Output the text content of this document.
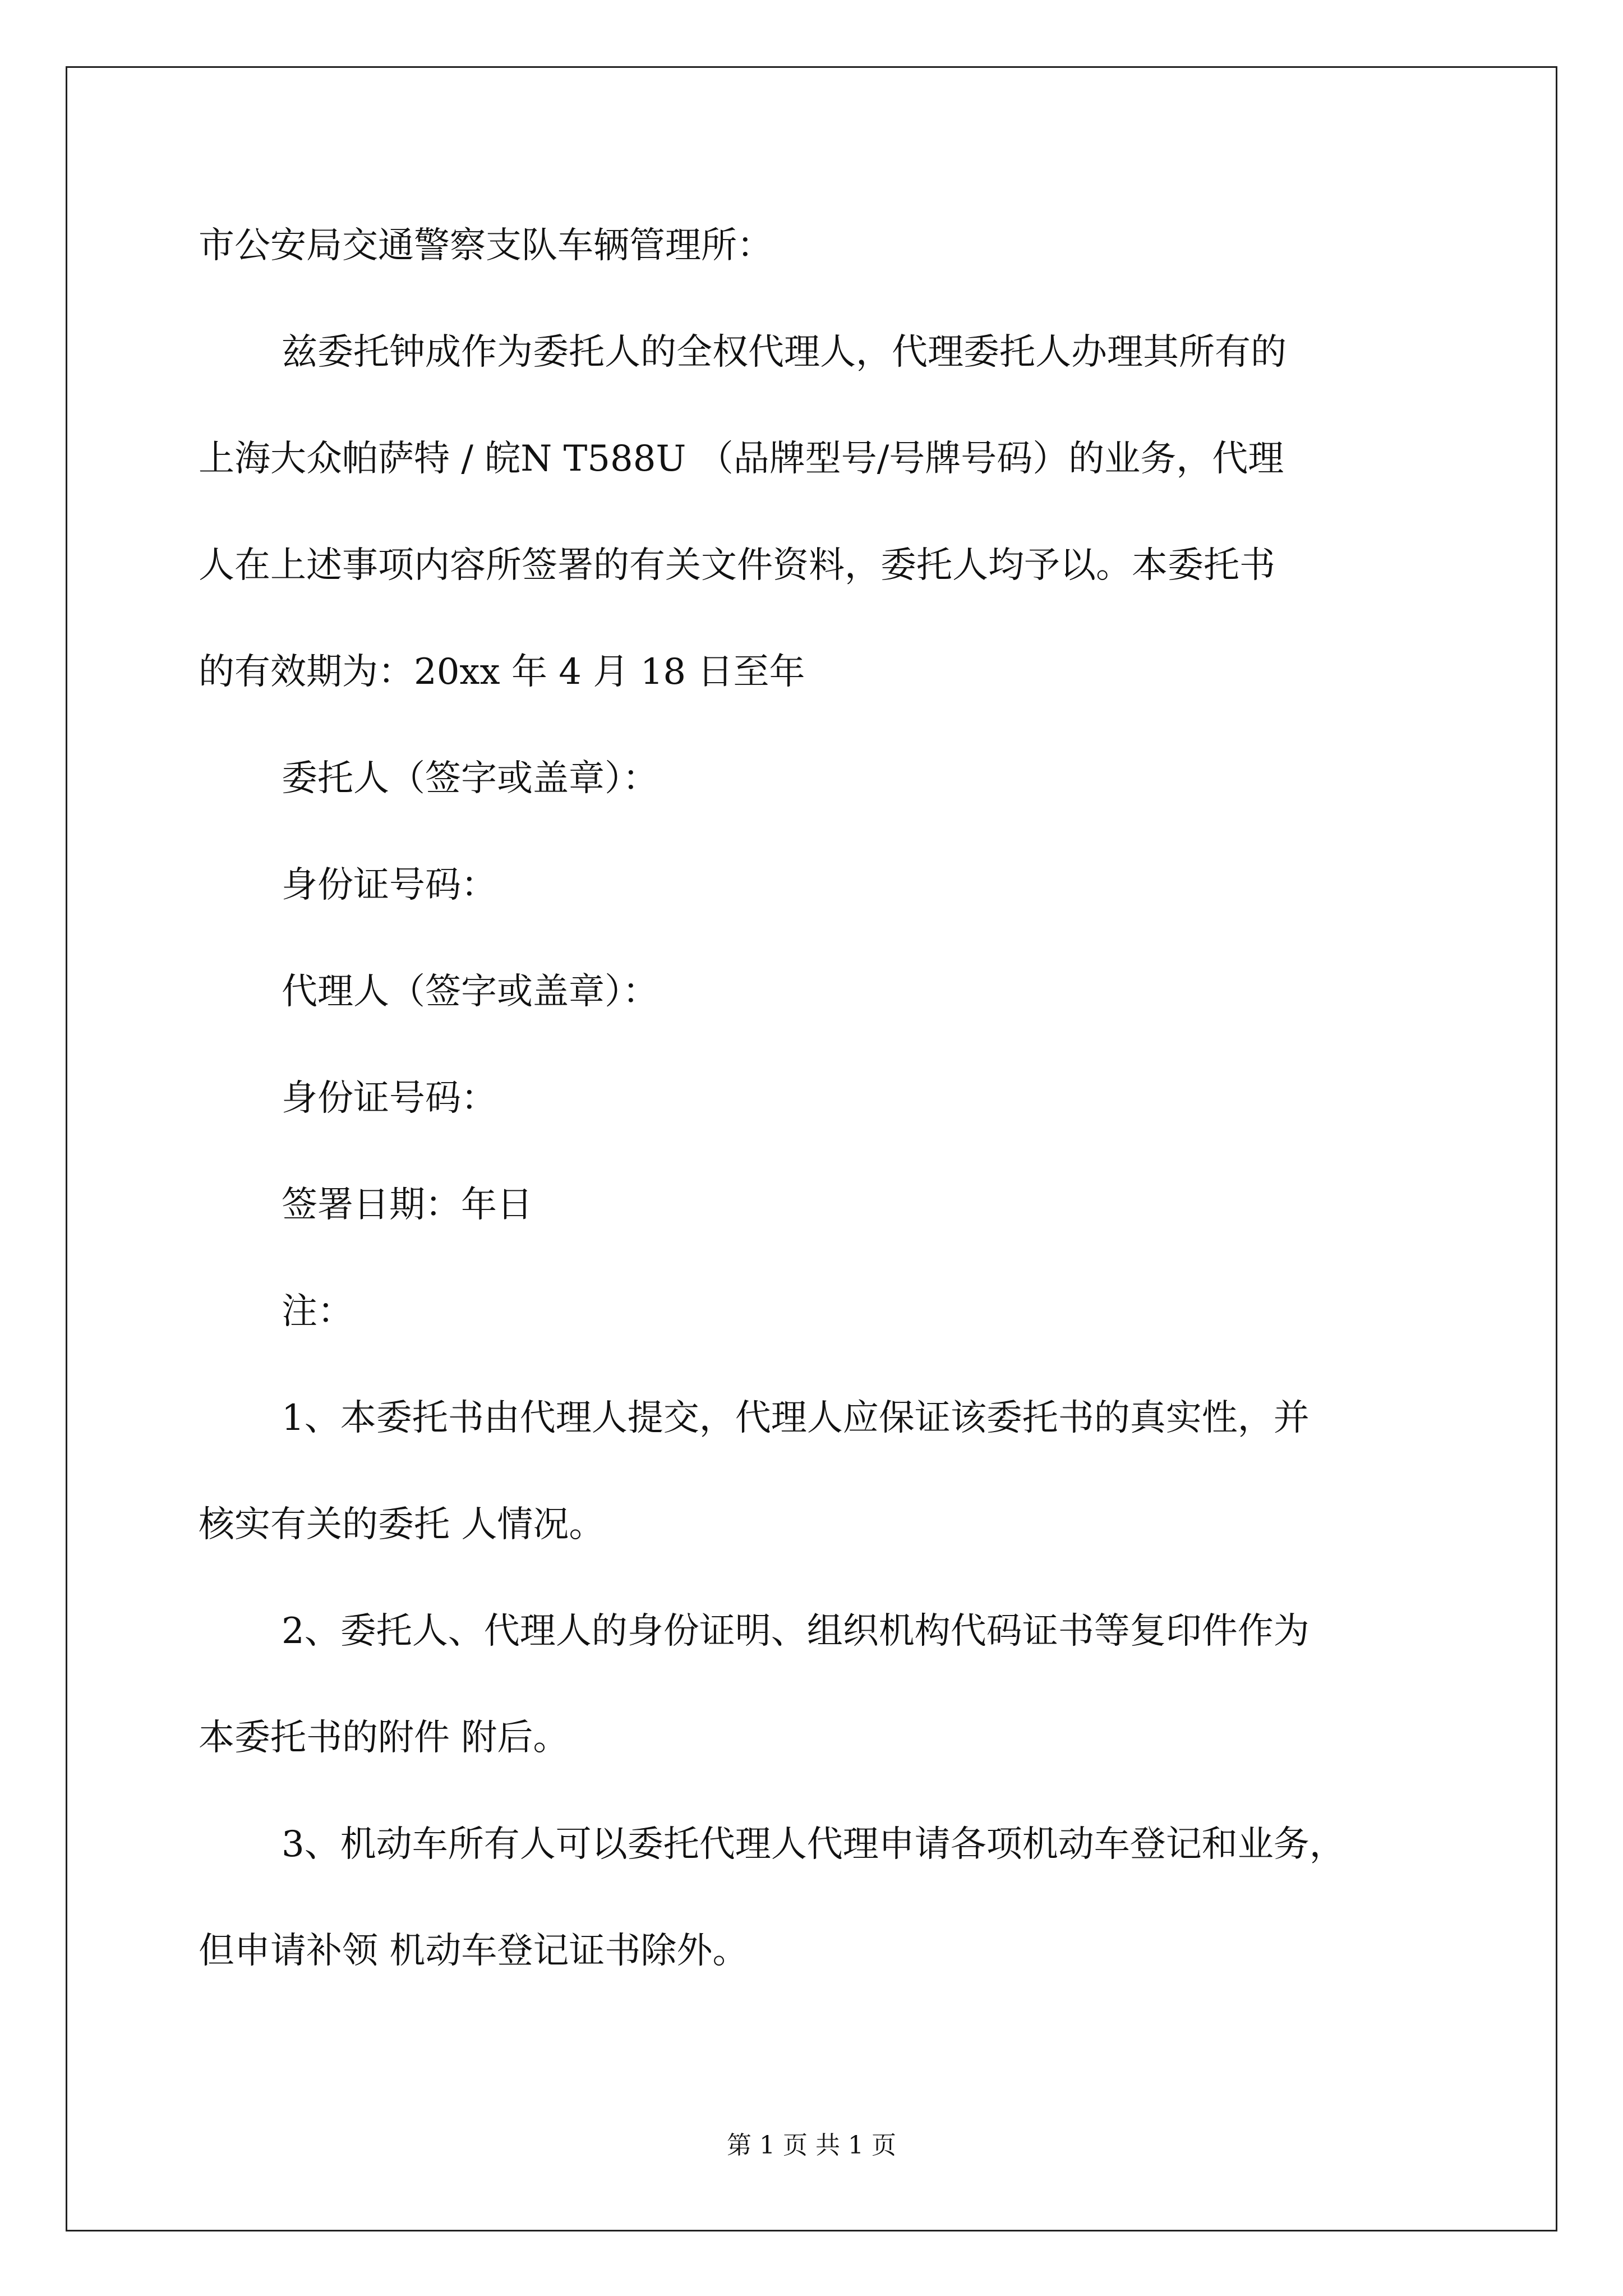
市公安局交通警察支队车辆管理所：
兹委托钟成作为委托人的全权代理人，代理委托人办理其所有的
上海大众帕萨特 / 皖N T588U （品牌型号/号牌号码）的业务，代理
人在上述事项内容所签署的有关文件资料，委托人均予以。本委托书
的有效期为：20xx 年 4 月 18 日至年
委托人（签字或盖章）：
身份证号码：
代理人（签字或盖章）：
身份证号码：
签署日期：年日
注：
1、本委托书由代理人提交，代理人应保证该委托书的真实性，并
核实有关的委托 人情况。
2、委托人、代理人的身份证明、组织机构代码证书等复印件作为
本委托书的附件 附后。
3、机动车所有人可以委托代理人代理申请各项机动车登记和业务，
但申请补领 机动车登记证书除外。
第 1 页 共 1 页
